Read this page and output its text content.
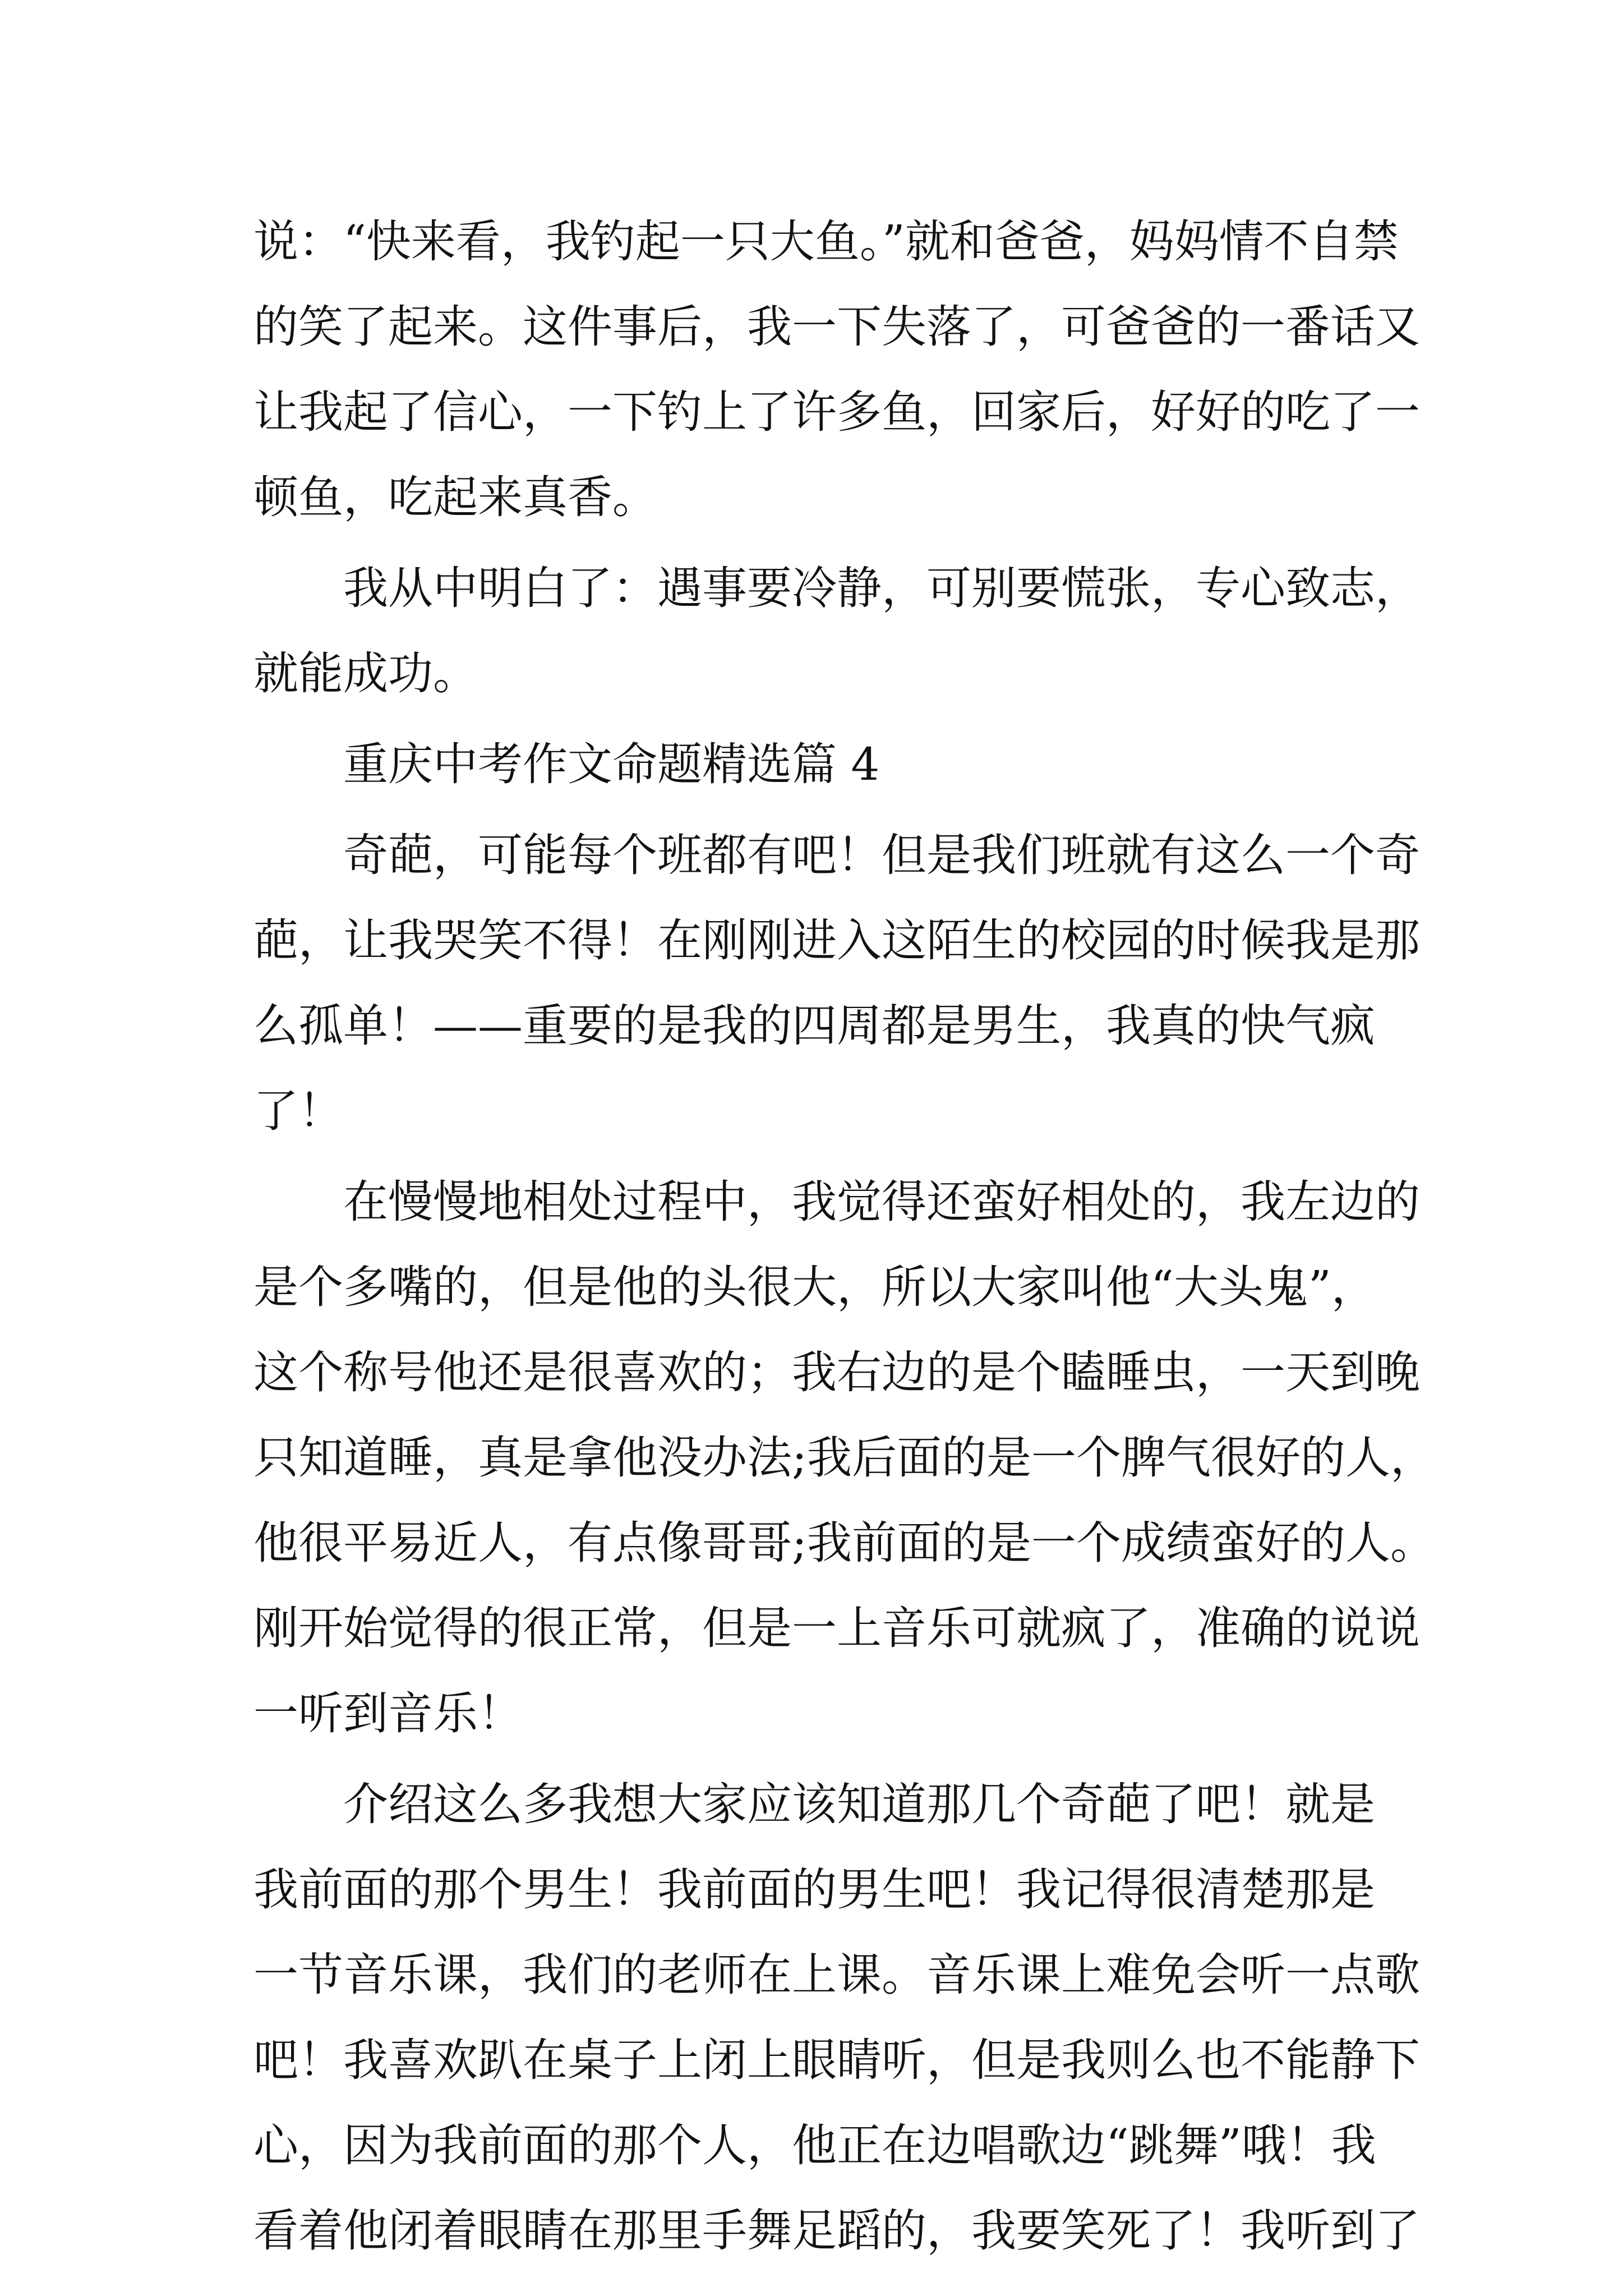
说：“快来看，我钓起一只大鱼。”就和爸爸，妈妈情不自禁
的笑了起来。这件事后，我一下失落了，可爸爸的一番话又
让我起了信心，一下钓上了许多鱼，回家后，好好的吃了一
顿鱼，吃起来真香。
　　我从中明白了：遇事要冷静，可别要慌张，专心致志，
就能成功。
　　重庆中考作文命题精选篇 4
　　奇葩，可能每个班都有吧！但是我们班就有这么一个奇
葩，让我哭笑不得！在刚刚进入这陌生的校园的时候我是那
么孤单！——重要的是我的四周都是男生，我真的快气疯
了！
　　在慢慢地相处过程中，我觉得还蛮好相处的，我左边的
是个多嘴的，但是他的头很大，所以大家叫他“大头鬼”，
这个称号他还是很喜欢的；我右边的是个瞌睡虫，一天到晚
只知道睡，真是拿他没办法;我后面的是一个脾气很好的人，
他很平易近人，有点像哥哥;我前面的是一个成绩蛮好的人。
刚开始觉得的很正常，但是一上音乐可就疯了，准确的说说
一听到音乐！
　　介绍这么多我想大家应该知道那几个奇葩了吧！就是
我前面的那个男生！我前面的男生吧！我记得很清楚那是
一节音乐课，我们的老师在上课。音乐课上难免会听一点歌
吧！我喜欢趴在桌子上闭上眼睛听，但是我则么也不能静下
心，因为我前面的那个人，他正在边唱歌边“跳舞”哦！我
看着他闭着眼睛在那里手舞足蹈的，我要笑死了！我听到了
